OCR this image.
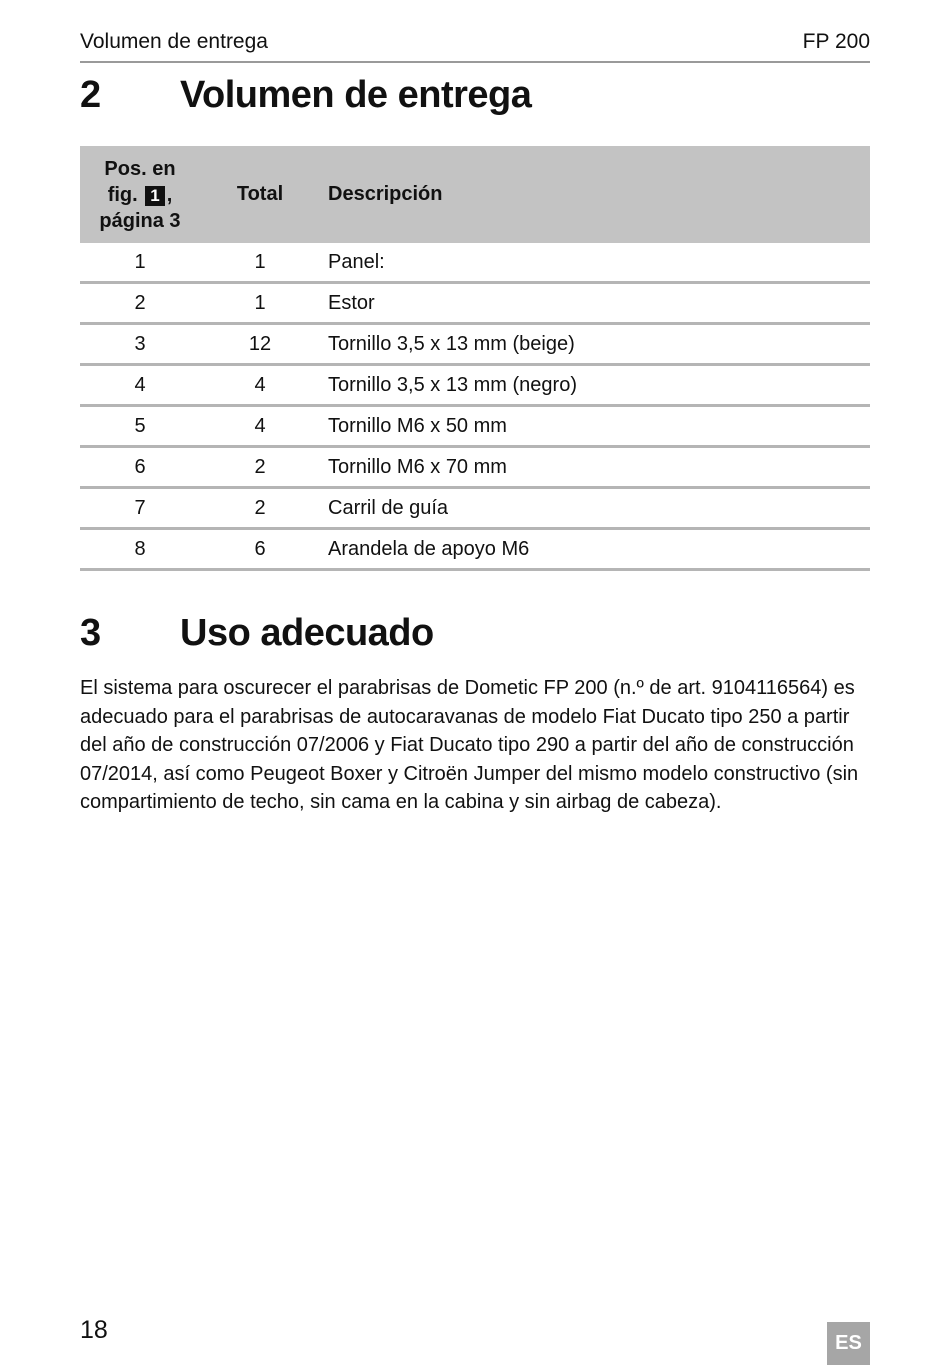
Volumen de entrega	FP 200
2 Volumen de entrega
Pos. en
fig. 1 ,
página 3	Total	Descripción
1	1	Panel:
2	1	Estor
3	12	Tornillo 3,5 x 13 mm (beige)
4	4	Tornillo 3,5 x 13 mm (negro)
5	4	Tornillo M6 x 50 mm
6	2	Tornillo M6 x 70 mm
7	2	Carril de guía
8	6	Arandela de apoyo M6
3 Uso adecuado

El sistema para oscurecer el parabrisas de Dometic FP 200 (n.º de art. 9104116564) es adecuado para el parabrisas de autocaravanas de modelo Fiat Ducato tipo 250 a partir del año de construcción 07/2006 y Fiat Ducato tipo 290 a partir del año de construcción 07/2014, así como Peugeot Boxer y Citroën Jumper del mismo modelo constructivo (sin compartimiento de techo, sin cama en la cabina y sin airbag de cabeza).

18	ES
